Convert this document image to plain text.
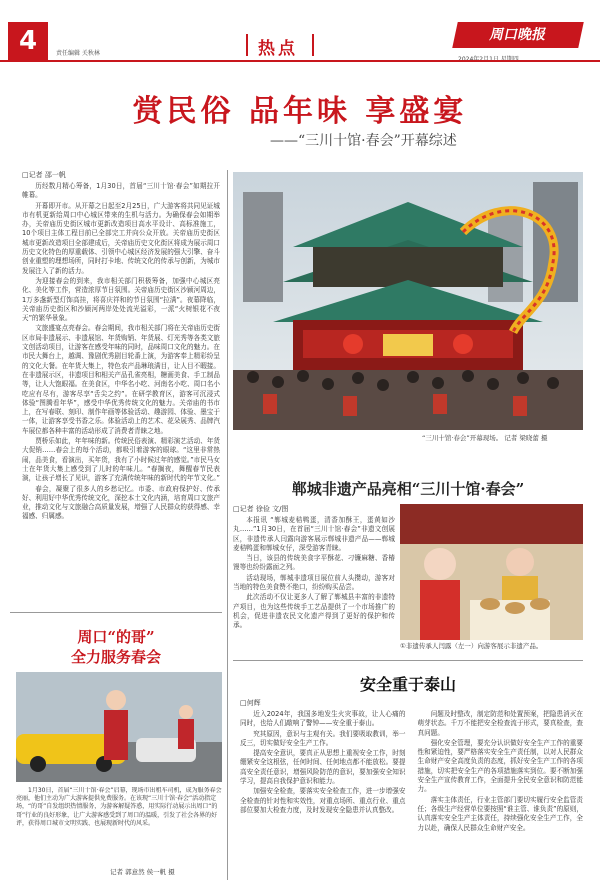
4	责任编辑 关秋林	热点
周口晚报
赏民俗 品年味 享盛宴
——“三川十馆·春会”开幕综述
□记者 邵一帆

历经数月精心筹备，1月30日，首届“三川十馆·春会”如期拉开帷幕。

开幕即开市。从开幕之日起至2月25日，广大游客将共同见证城市有机更新给周口中心城区带来的生机与活力。为确保春会如期举办，关帝庙历史街区城市更新改造项目高水平设计、高标准施工，10个项目主体工程目前已全部完工并向公众开放。关帝庙历史街区城市更新改造项目全部建成后，关帝庙历史文化街区将成为展示周口历史文化特色的厚重载体、引领中心城区经济发展的强大引擎、奋斗创业重塑的理想场所，同时打卡地、传统文化的传承与创新，为城市发展注入了新的活力。

为迎接春会的到来，我市相关部门积极筹备，加强中心城区亮化、美化等工作，营造浓厚节日氛围。关帝庙历史街区沙颍河周边，1万多盏新型灯饰高挂，将喜庆祥和的节日氛围“拉满”。夜幕降临，关帝庙历史街区和沙颍河两岸处处流光溢彩，一派“火树银花不夜天”的繁华景象。

文旅盛宴点亮春会。春会期间，我市相关部门将在关帝庙历史街区市局非遗展示、非遗展馆、年货购销、年货展、灯光秀等各类文旅文创活动项目，让游客在感受年味的同时，品味周口文化的魅力。在市民大舞台上，越调、豫剧优秀剧目轮番上演，为游客奉上精彩纷呈的文化大餐。在年货大集上，特色农产品琳琅满目，让人目不暇接。在非遗展示区，非遗项目和相关产品孔雀亮相，糖画美食、手工制品等，让人大饱眼福。在美食区，中华名小吃、河南名小吃、周口名小吃应有尽有，游客尽享“舌尖之约”。在研学教育区，游客可沉浸式体验“图腾看年华”，感受中华优秀传统文化的魅力。关帝庙的书市上，在写春联、刻印、制作年画等体验活动、趣游园、体验、墨宝于一体，让游客享受书香之乐。体验活动上的艺术、花朵展秀、品牌汽车展位都各种丰富的活动形成了消费者青睐之地。

贾桥乐如此，年年味的新。传统民俗表演、精彩演艺活动、年货大促销……春会上的每个活动，都吸引着游客的眼球。“这里非常热闹，品美食，看演出，买年货，我有了小时候过年的感觉。”市民马女士在年货大集上感受到了儿时的年味儿。“春搁夜，舞醒春节民表演，让孩子增长了见识，游客了充满传统年味的新时代的年节文化。”

春会，凝聚了很多人的乡愁记忆。市委、市政府保护好、传承好、利用好中华优秀传统文化，深挖本土文化内涵，培育周口文旅产业，推动文化与文旅融合高质量发展，增强了人民群众的获得感、幸福感、归属感。

“三川十馆·春会”开幕现场。 记者 梁晓蕾 摄
郸城非遗产品亮相“三川十馆·春会”
□记者 徐俭 文/图

本报讯 “郸城麦秸鸭蛋，清香加酥王，蛋黄如沙丸……”1月30日，在首届“三川十馆·春会”非遗文创展区，非遗传承人闫露向游客展示郸城非遗产品——郸城麦秸鸭蛋和郸城女仔，深受游客青睐。

当日，该县的传统美食字平酥花、刁镰麻糖、香椿馒等也纷纷露面之列。

活动现场，郸城非遗项目展位前人头攒动，游客对当地的特色美食赞不绝口，纷纷购买品尝。

此次活动不仅让更多人了解了郸城县丰富的非遗特产项目，也为这些传统手工艺品提供了一个市场推广的机会，促进非遗农民文化遗产得到了更好的保护和传承。

①非遗传承人闫露（左一）向游客展示非遗产品。
周口“的哥”
全力服务春会
1月30日，首届“三川十馆·春会”启幕，现场市出租车司机，成为服务春会亮丽，他们主动为广大游客提供免费服务。在该现“三川十馆·春会”活动指定场，“的哥”自发组织热情服务，为游客解疑答惑，用实际行动展示出周口“的哥”行业的良好形象，让广大游客感受到了周口的温暖，引发了社会各界的好评，获得周口城市文明实践、也展现新时代的风采。
记者 郭意然 侯一帆 摄
安全重于泰山
□何辉

近入2024年，我国多地发生火灾事故，让人心痛的同时，也给人们敲响了警钟——安全重于泰山。

究其原因，意识与主观有关。我们要吸取教训，举一反三，切实做好安全生产工作。

提高安全意识，要真正从思想上重视安全工作，时刻绷紧安全这根弦，任何时间、任何地点都不能放松。要提高安全责任意识，增强风险防范的意识，要加强安全知识学习，提高自我保护意识和能力。

加强安全检查，要落实安全检查工作，进一步增强安全检查的针对性和实效性，对重点场所、重点行业、重点部位要加大检查力度，及时发现安全隐患并认真整改。

问题及时整改，制定防范和处置预案，把隐患消灭在萌芽状态。千万不能把安全检查流于形式，要真检查，查真问题。

强化安全管理，要充分认识做好安全生产工作的重要性和紧迫性，要严格落实安全生产责任制，以对人民群众生命财产安全高度负责的态度，抓好安全生产工作的各项措施，切实把安全生产的各项措施落实到位。要不断加强安全生产宣传教育工作，全面提升全民安全意识和防范能力。

落实主体责任，行业主管部门要切实履行安全监管责任；各级生产经营单位要按照“谁主管、谁负责”的原则，认真落实安全生产主体责任，持续强化安全生产工作，全力以赴，确保人民群众生命财产安全。
